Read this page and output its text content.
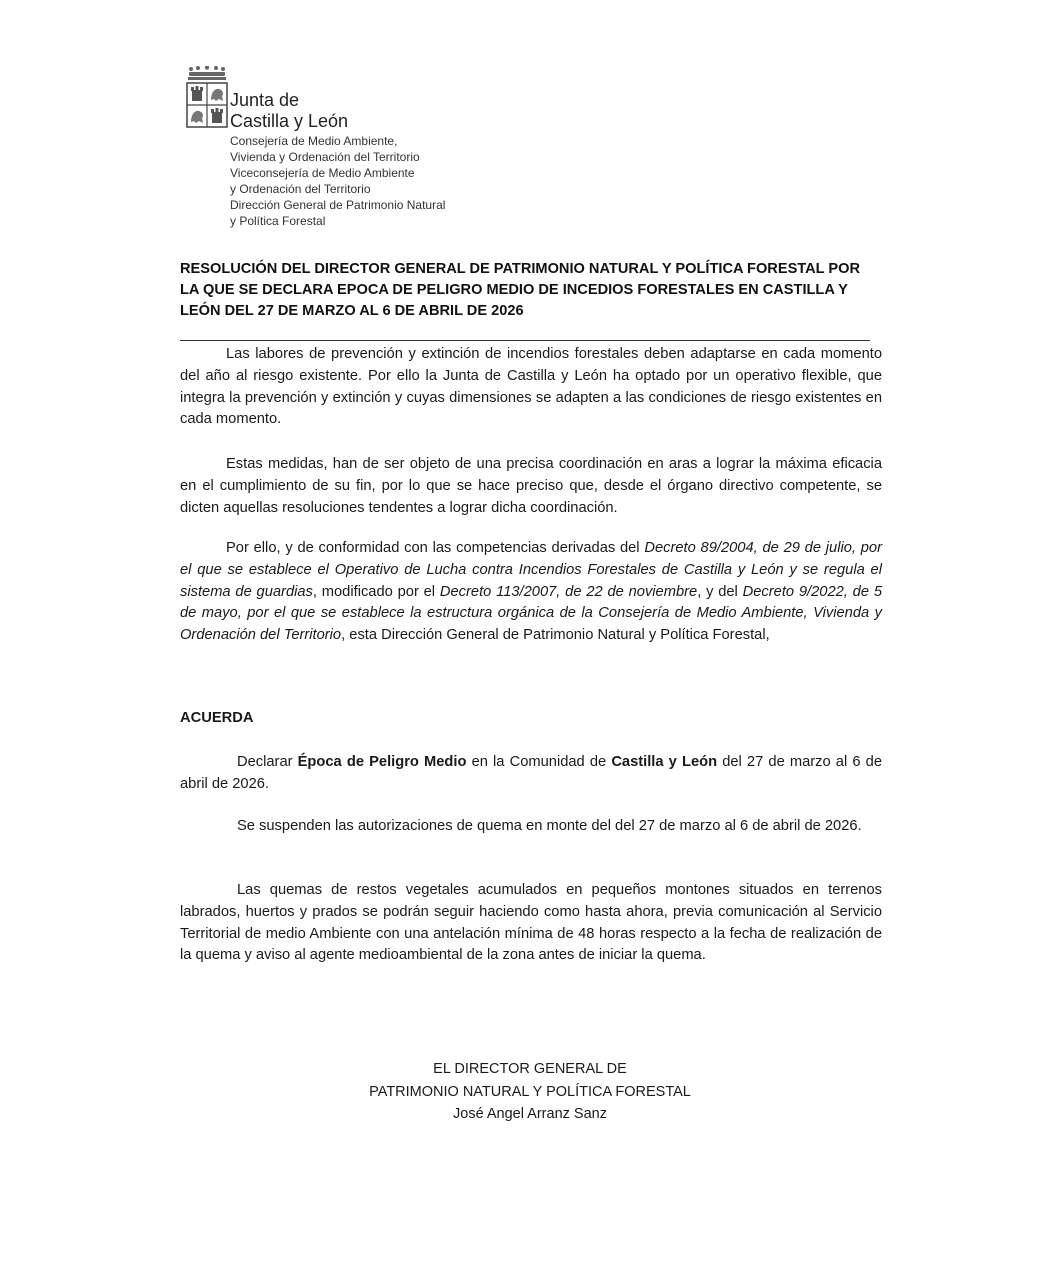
Junta de
Castilla y León
Consejería de Medio Ambiente,
Vivienda y Ordenación del Territorio
Viceconsejería de Medio Ambiente
y Ordenación del Territorio
Dirección General de Patrimonio Natural
y Política Forestal
RESOLUCIÓN DEL DIRECTOR GENERAL DE PATRIMONIO NATURAL Y POLÍTICA FORESTAL POR LA QUE SE DECLARA EPOCA DE PELIGRO MEDIO DE INCEDIOS FORESTALES EN CASTILLA Y LEÓN DEL 27 DE MARZO AL 6 DE ABRIL DE 2026

Las labores de prevención y extinción de incendios forestales deben adaptarse en cada momento del año al riesgo existente. Por ello la Junta de Castilla y León ha optado por un operativo flexible, que integra la prevención y extinción y cuyas dimensiones se adapten a las condiciones de riesgo existentes en cada momento.

Estas medidas, han de ser objeto de una precisa coordinación en aras a lograr la máxima eficacia en el cumplimiento de su fin, por lo que se hace preciso que, desde el órgano directivo competente, se dicten aquellas resoluciones tendentes a lograr dicha coordinación.

Por ello, y de conformidad con las competencias derivadas del Decreto 89/2004, de 29 de julio, por el que se establece el Operativo de Lucha contra Incendios Forestales de Castilla y León y se regula el sistema de guardias, modificado por el Decreto 113/2007, de 22 de noviembre, y del Decreto 9/2022, de 5 de mayo, por el que se establece la estructura orgánica de la Consejería de Medio Ambiente, Vivienda y Ordenación del Territorio, esta Dirección General de Patrimonio Natural y Política Forestal,

ACUERDA

Declarar Época de Peligro Medio en la Comunidad de Castilla y León del 27 de marzo al 6 de abril de 2026.

Se suspenden las autorizaciones de quema en monte del del 27 de marzo al 6 de abril de 2026.

Las quemas de restos vegetales acumulados en pequeños montones situados en terrenos labrados, huertos y prados se podrán seguir haciendo como hasta ahora, previa comunicación al Servicio Territorial de medio Ambiente con una antelación mínima de 48 horas respecto a la fecha de realización de la quema y aviso al agente medioambiental de la zona antes de iniciar la quema.

EL DIRECTOR GENERAL DE
PATRIMONIO NATURAL Y POLÍTICA FORESTAL
José Angel Arranz Sanz
